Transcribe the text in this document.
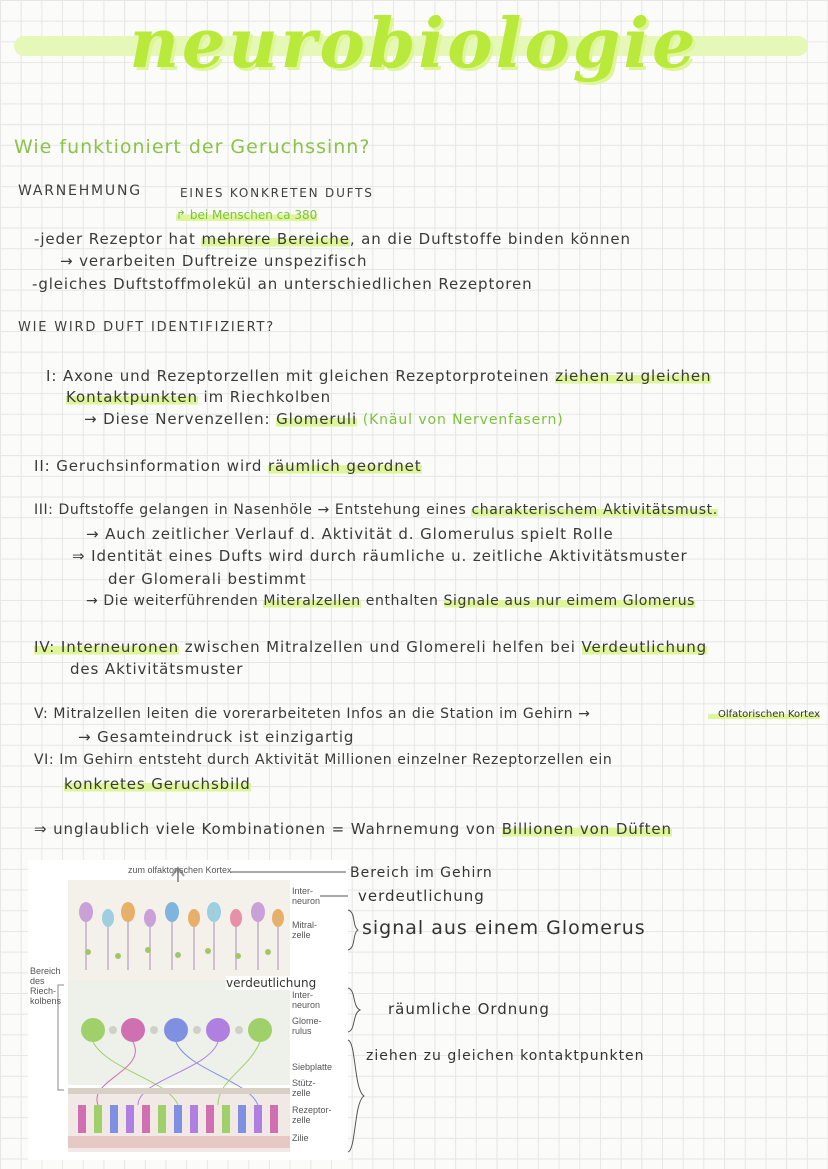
neurobiologie
Wie funktioniert der Geruchssinn?
WARNEHMUNG	EINES KONKRETEN DUFTS
↱ bei Menschen ca 380
-jeder Rezeptor hat mehrere Bereiche, an die Duftstoffe binden können
→ verarbeiten Duftreize unspezifisch
-gleiches Duftstoffmolekül an unterschiedlichen Rezeptoren
WIE WIRD DUFT IDENTIFIZIERT?
I: Axone und Rezeptorzellen mit gleichen Rezeptorproteinen ziehen zu gleichen
Kontaktpunkten im Riechkolben
→ Diese Nervenzellen: Glomeruli (Knäul von Nervenfasern)
II: Geruchsinformation wird räumlich geordnet
III: Duftstoffe gelangen in Nasenhöle → Entstehung eines charakterischem Aktivitätsmust.
→ Auch zeitlicher Verlauf d. Aktivität d. Glomerulus spielt Rolle
⇒ Identität eines Dufts wird durch räumliche u. zeitliche Aktivitätsmuster
der Glomerali bestimmt
→ Die weiterführenden Miteralzellen enthalten Signale aus nur eimem Glomerus
IV: Interneuronen zwischen Mitralzellen und Glomereli helfen bei Verdeutlichung
des Aktivitätsmuster
V: Mitralzellen leiten die vorerarbeiteten Infos an die Station im Gehirn →	Olfatorischen Kortex
→ Gesamteindruck ist einzigartig
VI: Im Gehirn entsteht durch Aktivität Millionen einzelner Rezeptorzellen ein
konkretes Geruchsbild
⇒ unglaublich viele Kombinationen = Wahrnemung von Billionen von Düften
zum olfaktorischen Kortex
Bereich des Riech-kolbens
Inter-neuron
Mitral-zelle
Inter-neuron
Glome-rulus
Siebplatte
Stütz-zelle
Rezeptor-zelle
Zilie
verdeutlichung
Bereich im Gehirn
verdeutlichung
signal aus einem Glomerus
räumliche Ordnung
ziehen zu gleichen kontaktpunkten
